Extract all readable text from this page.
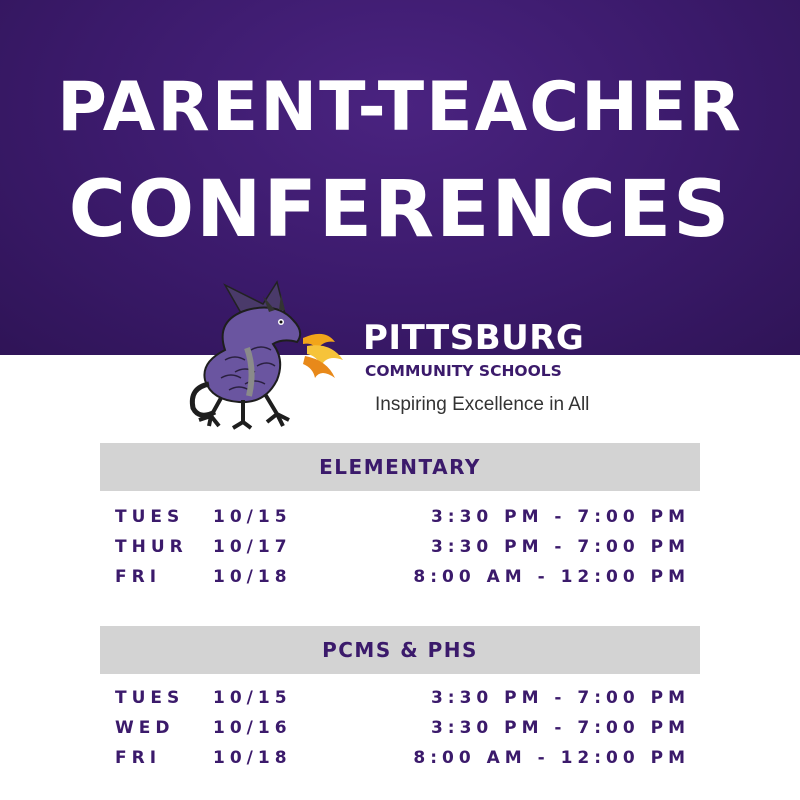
PARENT-TEACHER
CONFERENCES
PITTSBURG
COMMUNITY SCHOOLS
Inspiring Excellence in All
ELEMENTARY
TUES 10/15	3:30 PM - 7:00 PM
THUR 10/17	3:30 PM - 7:00 PM
FRI	10/18	8:00 AM - 12:00 PM
PCMS & PHS
TUES 10/15	3:30 PM - 7:00 PM
WED 10/16	3:30 PM - 7:00 PM
FRI	10/18	8:00 AM - 12:00 PM
